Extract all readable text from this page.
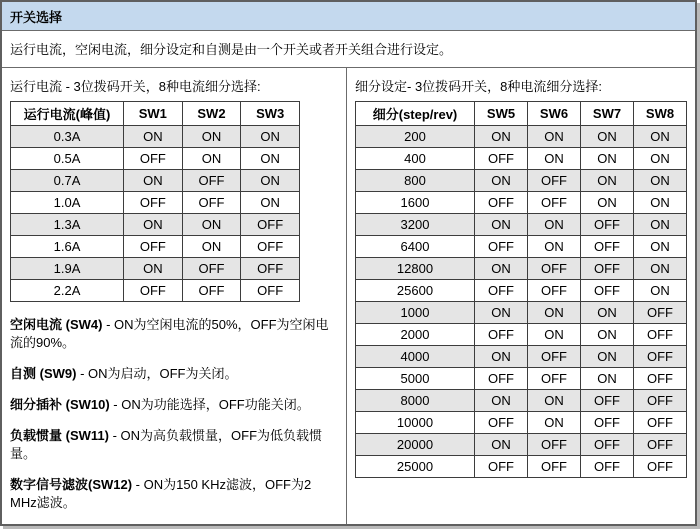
开关选择
运行电流，空闲电流，细分设定和自测是由一个开关或者开关组合进行设定。
运行电流 - 3位拨码开关，8种电流细分选择:
运行电流(峰值)	SW1	SW2	SW3
0.3A	ON	ON	ON
0.5A	OFF	ON	ON
0.7A	ON	OFF	ON
1.0A	OFF	OFF	ON
1.3A	ON	ON	OFF
1.6A	OFF	ON	OFF
1.9A	ON	OFF	OFF
2.2A	OFF	OFF	OFF

空闲电流 (SW4) - ON为空闲电流的50%，OFF为空闲电流的90%。

自测 (SW9) - ON为启动，OFF为关闭。

细分插补 (SW10) - ON为功能选择，OFF功能关闭。

负载惯量 (SW11) - ON为高负载惯量，OFF为低负载惯量。

数字信号滤波(SW12) - ON为150 KHz滤波，OFF为2 MHz滤波。

细分设定- 3位拨码开关，8种电流细分选择:
细分(step/rev)	SW5	SW6	SW7	SW8
200	ON	ON	ON	ON
400	OFF	ON	ON	ON
800	ON	OFF	ON	ON
1600	OFF	OFF	ON	ON
3200	ON	ON	OFF	ON
6400	OFF	ON	OFF	ON
12800	ON	OFF	OFF	ON
25600	OFF	OFF	OFF	ON
1000	ON	ON	ON	OFF
2000	OFF	ON	ON	OFF
4000	ON	OFF	ON	OFF
5000	OFF	OFF	ON	OFF
8000	ON	ON	OFF	OFF
10000	OFF	ON	OFF	OFF
20000	ON	OFF	OFF	OFF
25000	OFF	OFF	OFF	OFF
